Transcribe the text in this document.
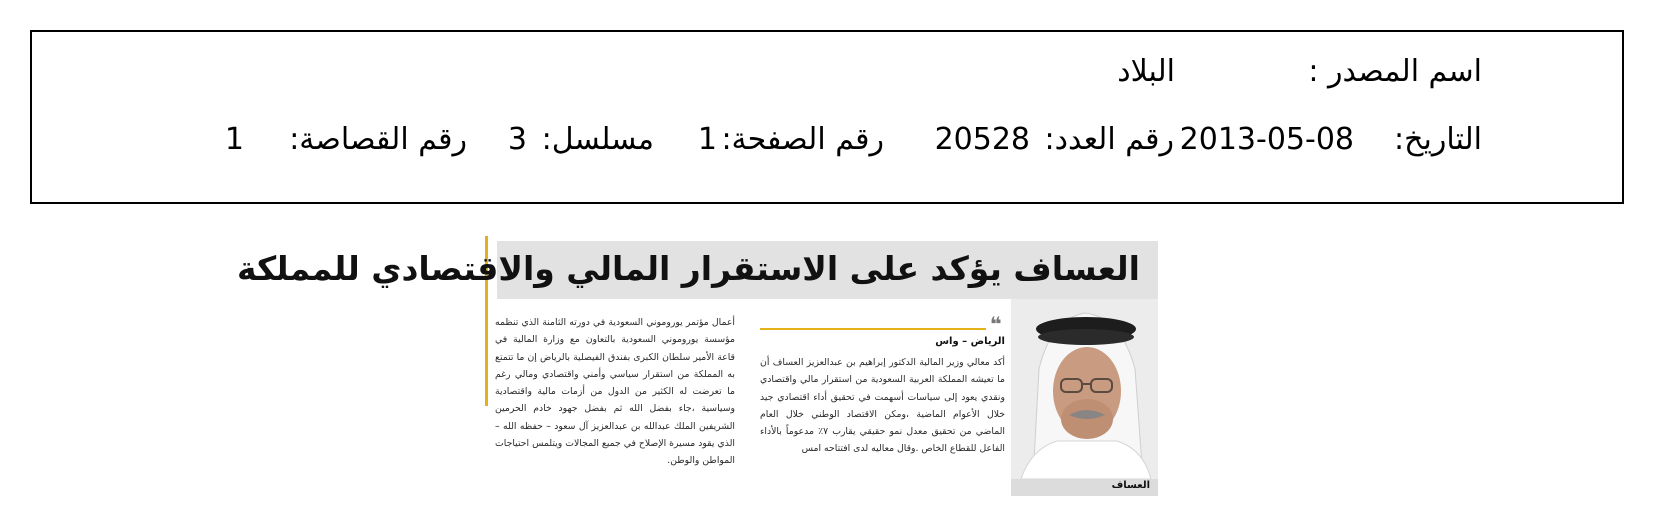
اسم المصدر :
البلاد
التاريخ:
2013-05-08
رقم العدد:
20528
رقم الصفحة:
1
مسلسل:
3
رقم القصاصة:
1
العساف يؤكد على الاستقرار المالي والاقتصادي للمملكة

أعمال مؤتمر يوروموني السعودية في دورته الثامنة الذي تنظمه مؤسسة يوروموني السعودية بالتعاون مع وزارة المالية في قاعة الأمير سلطان الكبرى بفندق الفيصلية بالرياض إن ما تتمتع به المملكة من استقرار سياسي وأمني واقتصادي ومالي رغم ما تعرضت له الكثير من الدول من أزمات مالية واقتصادية وسياسية ،جاء بفضل الله ثم بفضل جهود خادم الحرمين الشريفين الملك عبدالله بن عبدالعزيز آل سعود – حفظه الله – الذي يقود مسيرة الإصلاح في جميع المجالات ويتلمس احتياجات المواطن والوطن.

❝
الرياض – واس

أكد معالي وزير المالية الدكتور إبراهيم بن عبدالعزيز العساف أن ما تعيشه المملكة العربية السعودية من استقرار مالي واقتصادي ونقدي يعود إلى سياسات أسهمت في تحقيق أداء اقتصادي جيد خلال الأعوام الماضية ،ومكن الاقتصاد الوطني خلال العام الماضي من تحقيق معدل نمو حقيقي يقارب ٧٪ مدعوماً بالأداء الفاعل للقطاع الخاص .وقال معاليه لدى افتتاحه امس

العساف
